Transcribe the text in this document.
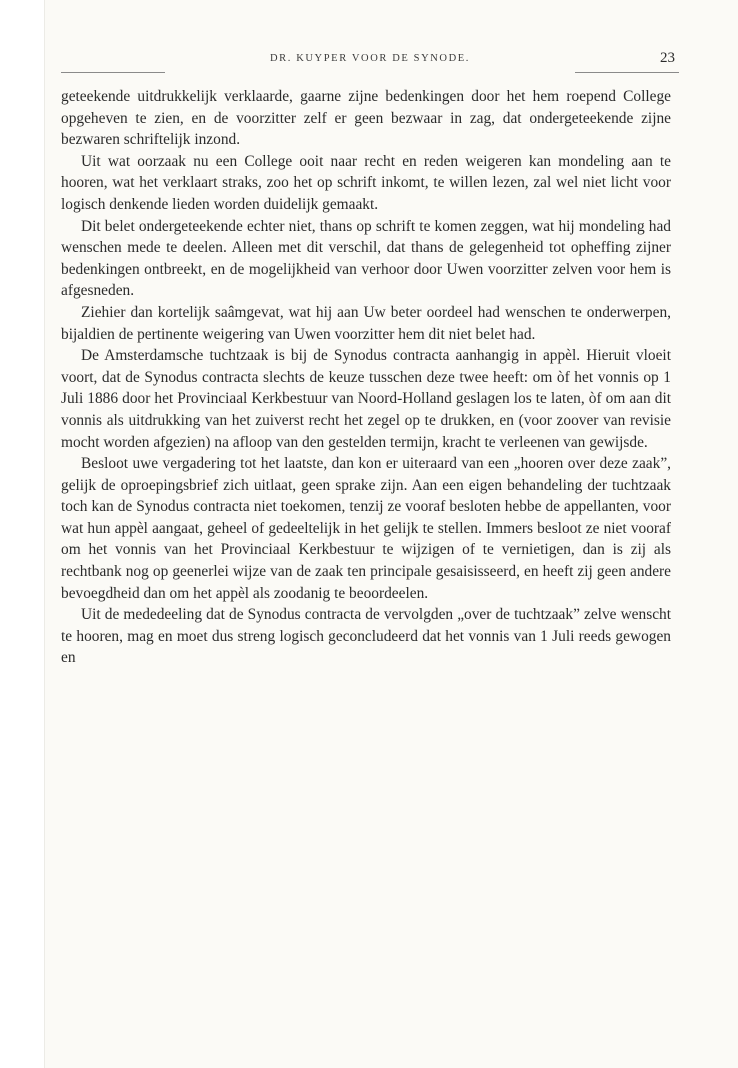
DR. KUYPER VOOR DE SYNODE.	23

geteekende uitdrukkelijk verklaarde, gaarne zijne bedenkingen door het hem roepend College opgeheven te zien, en de voorzitter zelf er geen bezwaar in zag, dat ondergeteekende zijne bezwaren schriftelijk inzond.

Uit wat oorzaak nu een College ooit naar recht en reden weigeren kan mondeling aan te hooren, wat het verklaart straks, zoo het op schrift inkomt, te willen lezen, zal wel niet licht voor logisch denkende lieden worden duidelijk gemaakt.

Dit belet ondergeteekende echter niet, thans op schrift te komen zeggen, wat hij mondeling had wenschen mede te deelen. Alleen met dit verschil, dat thans de gelegenheid tot opheffing zijner bedenkingen ontbreekt, en de mogelijkheid van verhoor door Uwen voorzitter zelven voor hem is afgesneden.

Ziehier dan kortelijk saâmgevat, wat hij aan Uw beter oordeel had wenschen te onderwerpen, bijaldien de pertinente weigering van Uwen voorzitter hem dit niet belet had.

De Amsterdamsche tuchtzaak is bij de Synodus contracta aanhangig in appèl. Hieruit vloeit voort, dat de Synodus contracta slechts de keuze tusschen deze twee heeft: om òf het vonnis op 1 Juli 1886 door het Provinciaal Kerkbestuur van Noord-Holland geslagen los te laten, òf om aan dit vonnis als uitdrukking van het zuiverst recht het zegel op te drukken, en (voor zoover van revisie mocht worden afgezien) na afloop van den gestelden termijn, kracht te verleenen van gewijsde.

Besloot uwe vergadering tot het laatste, dan kon er uiteraard van een „hooren over deze zaak”, gelijk de oproepingsbrief zich uitlaat, geen sprake zijn. Aan een eigen behandeling der tuchtzaak toch kan de Synodus contracta niet toekomen, tenzij ze vooraf besloten hebbe de appellanten, voor wat hun appèl aangaat, geheel of gedeeltelijk in het gelijk te stellen. Immers besloot ze niet vooraf om het vonnis van het Provinciaal Kerkbestuur te wijzigen of te vernietigen, dan is zij als rechtbank nog op geenerlei wijze van de zaak ten principale gesaisisseerd, en heeft zij geen andere bevoegdheid dan om het appèl als zoodanig te beoordeelen.

Uit de mededeeling dat de Synodus contracta de vervolgden „over de tuchtzaak” zelve wenscht te hooren, mag en moet dus streng logisch geconcludeerd dat het vonnis van 1 Juli reeds gewogen en
